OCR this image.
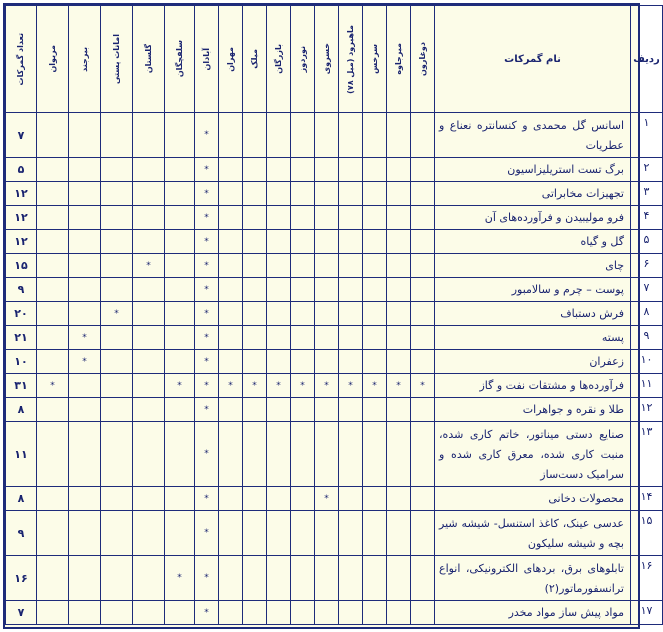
ردیف	نام گمرکات	دوغارون	میرجاوه	سرخس	ماهیرود (میل ۷۸)	خسروی	نوردوز	بازرگان	میلک	مهران	آبادان	سلفچگان	گلستان	امانات پستی	بیرجند	مریوان	تعداد گمرکات

۱	اسانس گل محمدی و کنسانتره نعناع و عطریات										*						۷
۲	برگ تست استریلیزاسیون										*						۵
۳	تجهیزات مخابراتی										*						۱۲
۴	فرو مولیبیدن و فرآورده‌های آن										*						۱۲
۵	گل و گیاه										*						۱۲
۶	چای										*		*				۱۵
۷	پوست – چرم و سالامبور										*						۹
۸	فرش دستباف										*			*			۲۰
۹	پسته										*				*		۲۱
۱۰	زعفران										*				*		۱۰
۱۱	فرآورده‌ها و مشتقات نفت و گاز	*	*	*	*	*	*	*	*	*	*	*				*	۳۱
۱۲	طلا و نقره و جواهرات										*						۸
۱۳	صنایع دستی میناتور، خاتم کاری شده، منبت کاری شده، معرق کاری شده و سرامیک دست‌ساز										*						۱۱
۱۴	محصولات دخانی					*					*						۸
۱۵	عدسی عینک، کاغذ استنسل- شیشه شیر بچه و شیشه سلیکون										*						۹
۱۶	تابلوهای برق، بردهای الکترونیکی، انواع ترانسفورماتور(۲)										*	*					۱۶
۱۷	مواد پیش ساز مواد مخدر										*						۷
